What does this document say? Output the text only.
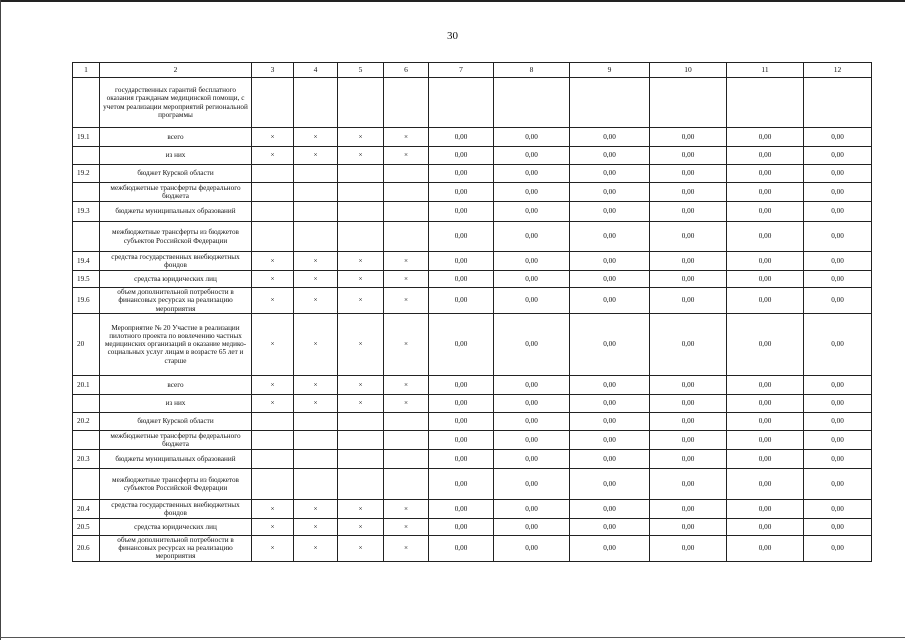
30
1	2	3	4	5	6	7	8	9	10	11	12
	государственных гарантий бесплатного оказания гражданам медицинской помощи, с учетом реализации мероприятий региональной программы										
19.1	всего	×	×	×	×	0,00	0,00	0,00	0,00	0,00	0,00
	из них	×	×	×	×	0,00	0,00	0,00	0,00	0,00	0,00
19.2	бюджет Курской области					0,00	0,00	0,00	0,00	0,00	0,00
	межбюджетные трансферты федерального бюджета					0,00	0,00	0,00	0,00	0,00	0,00
19.3	бюджеты муниципальных образований					0,00	0,00	0,00	0,00	0,00	0,00
	межбюджетные трансферты из бюджетов субъектов Российской Федерации					0,00	0,00	0,00	0,00	0,00	0,00
19.4	средства государственных внебюджетных фондов	×	×	×	×	0,00	0,00	0,00	0,00	0,00	0,00
19.5	средства юридических лиц	×	×	×	×	0,00	0,00	0,00	0,00	0,00	0,00
19.6	объем дополнительной потребности в финансовых ресурсах на реализацию мероприятия	×	×	×	×	0,00	0,00	0,00	0,00	0,00	0,00
20	Мероприятие № 20 Участие в реализации пилотного проекта по вовлечению частных медицинских организаций в оказание медико-социальных услуг лицам в возрасте 65 лет и старше	×	×	×	×	0,00	0,00	0,00	0,00	0,00	0,00
20.1	всего	×	×	×	×	0,00	0,00	0,00	0,00	0,00	0,00
	из них	×	×	×	×	0,00	0,00	0,00	0,00	0,00	0,00
20.2	бюджет Курской области					0,00	0,00	0,00	0,00	0,00	0,00
	межбюджетные трансферты федерального бюджета					0,00	0,00	0,00	0,00	0,00	0,00
20.3	бюджеты муниципальных образований					0,00	0,00	0,00	0,00	0,00	0,00
	межбюджетные трансферты из бюджетов субъектов Российской Федерации					0,00	0,00	0,00	0,00	0,00	0,00
20.4	средства государственных внебюджетных фондов	×	×	×	×	0,00	0,00	0,00	0,00	0,00	0,00
20.5	средства юридических лиц	×	×	×	×	0,00	0,00	0,00	0,00	0,00	0,00
20.6	объем дополнительной потребности в финансовых ресурсах на реализацию мероприятия	×	×	×	×	0,00	0,00	0,00	0,00	0,00	0,00
